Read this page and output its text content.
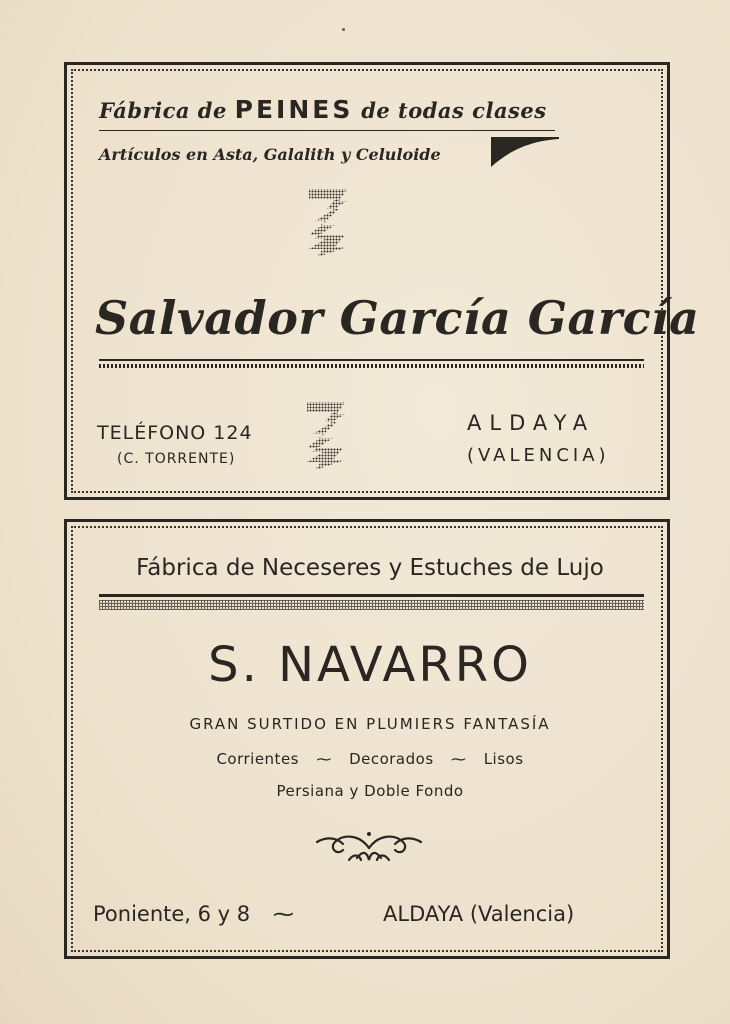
Fábrica de PEINES de todas clases
Artículos en Asta, Galalith y Celuloide
Salvador García García
TELÉFONO 124
(C. TORRENTE)
ALDAYA
(VALENCIA)
Fábrica de Neceseres y Estuches de Lujo
S. NAVARRO
GRAN SURTIDO EN PLUMIERS FANTASÍA
Corrientes ⁓ Decorados ⁓ Lisos
Persiana y Doble Fondo
Poniente, 6 y 8 ⁓	ALDAYA (Valencia)
